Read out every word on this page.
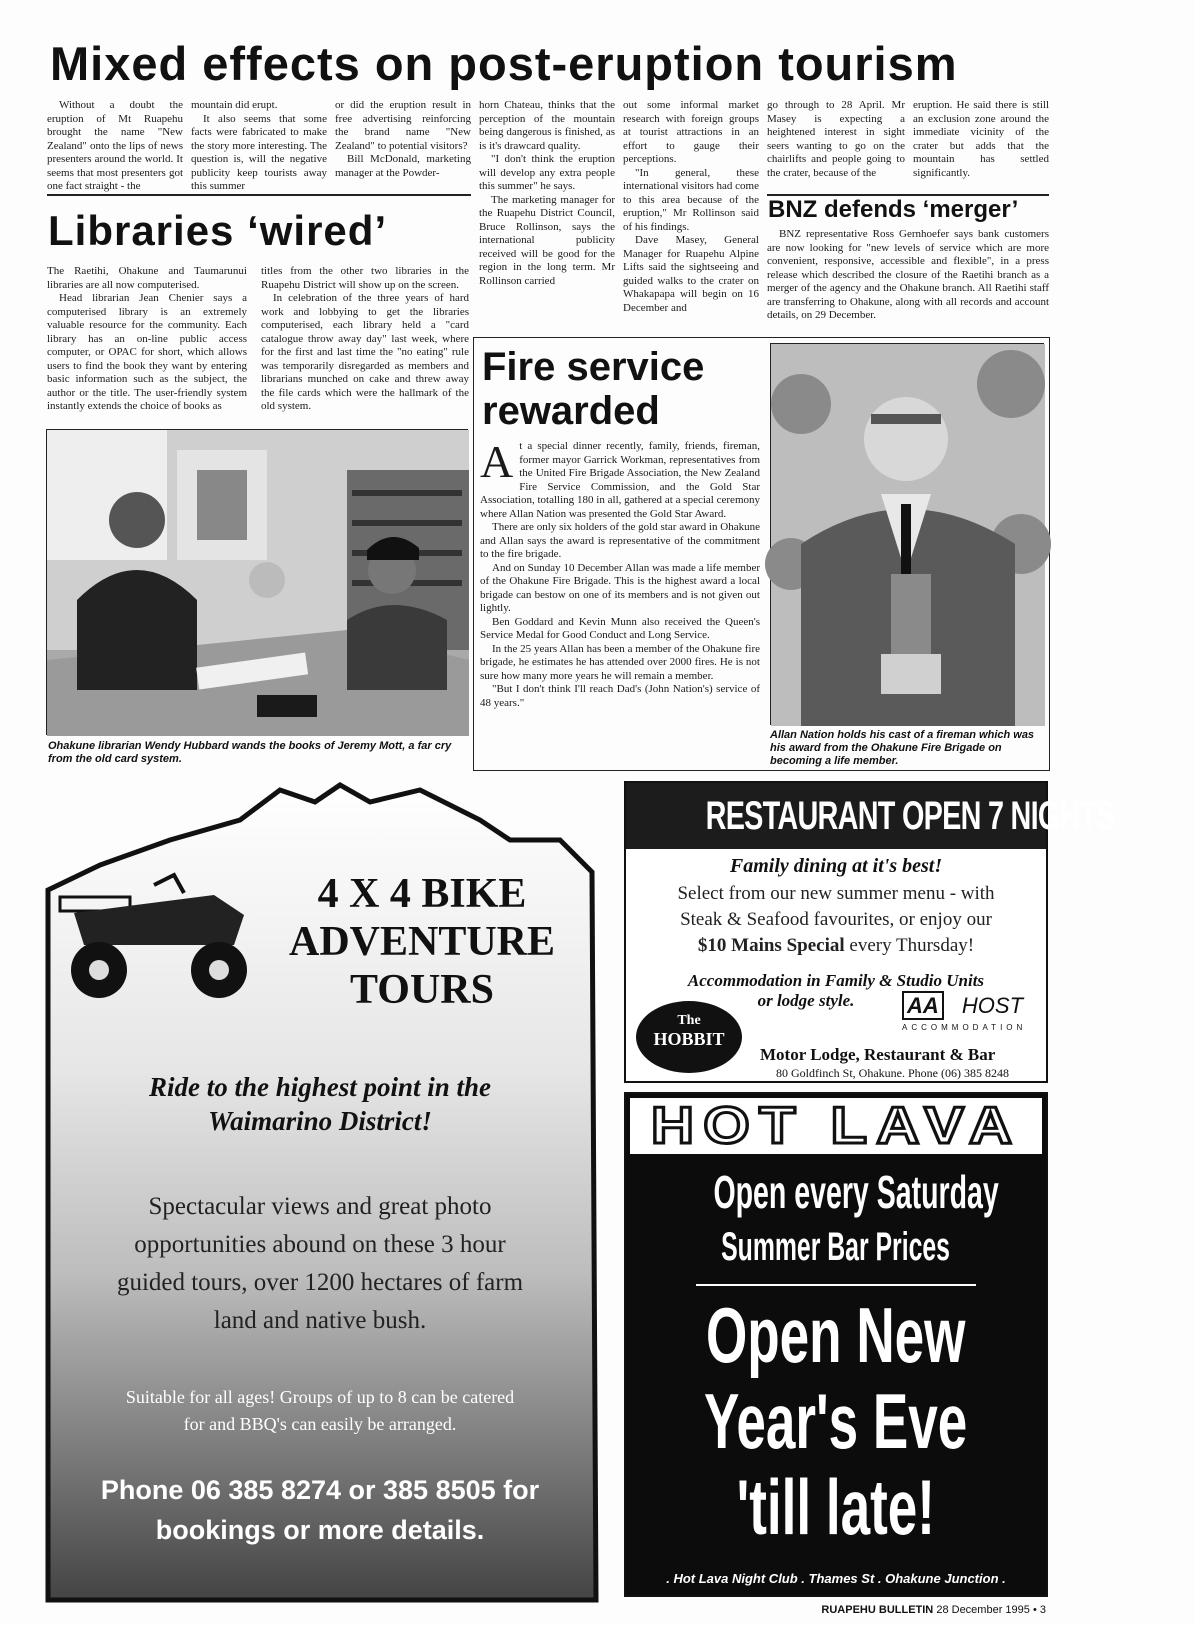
Mixed effects on post-eruption tourism

Without a doubt the eruption of Mt Ruapehu brought the name "New Zealand" onto the lips of news presenters around the world. It seems that most presenters got one fact straight - the

mountain did erupt.

It also seems that some facts were fabricated to make the story more interesting. The question is, will the negative publicity keep tourists away this summer

or did the eruption result in free advertising reinforcing the brand name "New Zealand" to potential visitors?

Bill McDonald, marketing manager at the Powder-

horn Chateau, thinks that the perception of the mountain being dangerous is finished, as is it's drawcard quality.

"I don't think the eruption will develop any extra people this summer" he says.

The marketing manager for the Ruapehu District Council, Bruce Rollinson, says the international publicity received will be good for the region in the long term. Mr Rollinson carried

out some informal market research with foreign groups at tourist attractions in an effort to gauge their perceptions.

"In general, these international visitors had come to this area because of the eruption," Mr Rollinson said of his findings.

Dave Masey, General Manager for Ruapehu Alpine Lifts said the sightseeing and guided walks to the crater on Whakapapa will begin on 16 December and

go through to 28 April. Mr Masey is expecting a heightened interest in sight seers wanting to go on the chairlifts and people going to the crater, because of the

eruption. He said there is still an exclusion zone around the immediate vicinity of the crater but adds that the mountain has settled significantly.

BNZ defends ‘merger’

BNZ representative Ross Gernhoefer says bank customers are now looking for "new levels of service which are more convenient, responsive, accessible and flexible", in a press release which described the closure of the Raetihi branch as a merger of the agency and the Ohakune branch. All Raetihi staff are transferring to Ohakune, along with all records and account details, on 29 December.

Libraries ‘wired’

The Raetihi, Ohakune and Taumarunui libraries are all now computerised.

Head librarian Jean Chenier says a computerised library is an extremely valuable resource for the community. Each library has an on-line public access computer, or OPAC for short, which allows users to find the book they want by entering basic information such as the subject, the author or the title. The user-friendly system instantly extends the choice of books as

titles from the other two libraries in the Ruapehu District will show up on the screen.

In celebration of the three years of hard work and lobbying to get the libraries computerised, each library held a "card catalogue throw away day" last week, where for the first and last time the "no eating" rule was temporarily disregarded as members and librarians munched on cake and threw away the file cards which were the hallmark of the old system.

Ohakune librarian Wendy Hubbard wands the books of Jeremy Mott, a far cry from the old card system.
Fire service
rewarded

At a special dinner recently, family, friends, fireman, former mayor Garrick Workman, representatives from the United Fire Brigade Association, the New Zealand Fire Service Commission, and the Gold Star Association, totalling 180 in all, gathered at a special ceremony where Allan Nation was presented the Gold Star Award.

There are only six holders of the gold star award in Ohakune and Allan says the award is representative of the commitment to the fire brigade.

And on Sunday 10 December Allan was made a life member of the Ohakune Fire Brigade. This is the highest award a local brigade can bestow on one of its members and is not given out lightly.

Ben Goddard and Kevin Munn also received the Queen's Service Medal for Good Conduct and Long Service.

In the 25 years Allan has been a member of the Ohakune fire brigade, he estimates he has attended over 2000 fires. He is not sure how many more years he will remain a member.

"But I don't think I'll reach Dad's (John Nation's) service of 48 years."

Allan Nation holds his cast of a fireman which was his award from the Ohakune Fire Brigade on becoming a life member.
4 X 4 BIKE
ADVENTURE
TOURS
Ride to the highest point in the
Waimarino District!
Spectacular views and great photo
opportunities abound on these 3 hour
guided tours, over 1200 hectares of farm
land and native bush.
Suitable for all ages! Groups of up to 8 can be catered
for and BBQ's can easily be arranged.
Phone 06 385 8274 or 385 8505 for
bookings or more details.
RESTAURANT OPEN 7 NIGHTS
Family dining at it's best!
Select from our new summer menu - with
Steak & Seafood favourites, or enjoy our
$10 Mains Special every Thursday!
Accommodation in Family & Studio Units
or lodge style.	AA HOST
ACCOMMODATION
The
HOBBIT
Motor Lodge, Restaurant & Bar
80 Goldfinch St, Ohakune. Phone (06) 385 8248
HOT LAVA
Open every Saturday
Summer Bar Prices
Open New
Year's Eve
'till late!
. Hot Lava Night Club . Thames St . Ohakune Junction .
RUAPEHU BULLETIN 28 December 1995 • 3
